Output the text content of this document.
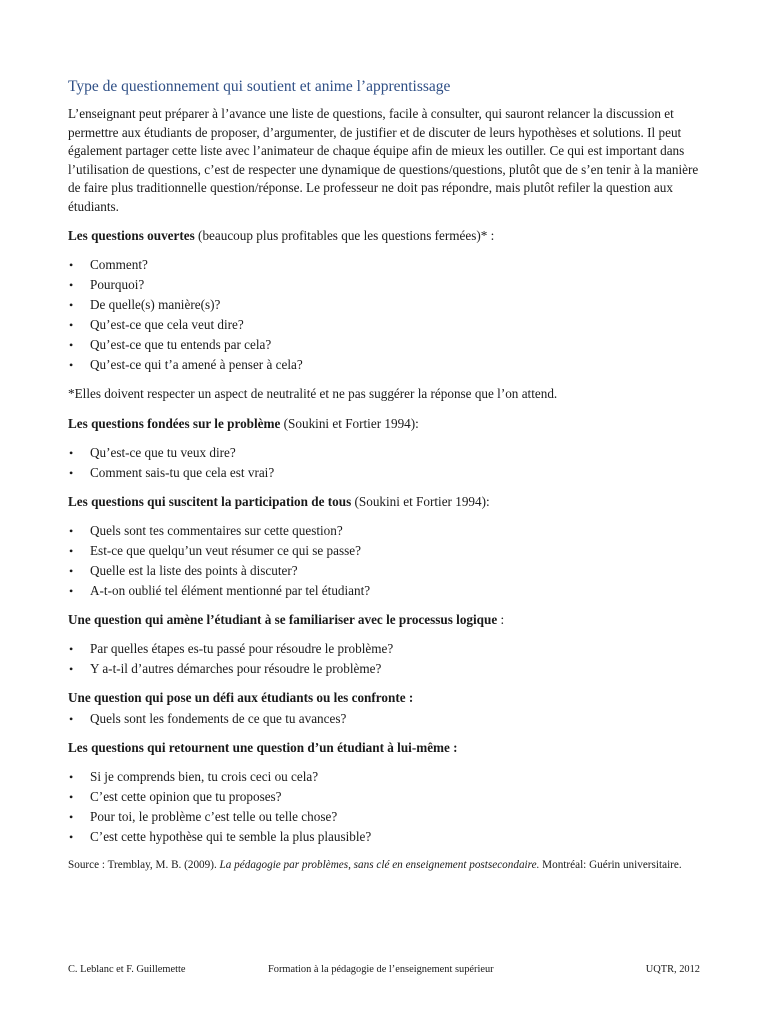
Type de questionnement qui soutient et anime l’apprentissage

L’enseignant peut préparer à l’avance une liste de questions, facile à consulter, qui sauront relancer la discussion et permettre aux étudiants de proposer, d’argumenter, de justifier et de discuter de leurs hypothèses et solutions. Il peut également partager cette liste avec l’animateur de chaque équipe afin de mieux les outiller. Ce qui est important dans l’utilisation de questions, c’est de respecter une dynamique de questions/questions, plutôt que de s’en tenir à la manière de faire plus traditionnelle question/réponse. Le professeur ne doit pas répondre, mais plutôt refiler la question aux étudiants.

Les questions ouvertes (beaucoup plus profitables que les questions fermées)* :

• Comment?
• Pourquoi?
• De quelle(s) manière(s)?
• Qu’est-ce que cela veut dire?
• Qu’est-ce que tu entends par cela?
• Qu’est-ce qui t’a amené à penser à cela?

*Elles doivent respecter un aspect de neutralité et ne pas suggérer la réponse que l’on attend.

Les questions fondées sur le problème (Soukini et Fortier 1994):

• Qu’est-ce que tu veux dire?
• Comment sais-tu que cela est vrai?

Les questions qui suscitent la participation de tous (Soukini et Fortier 1994):

• Quels sont tes commentaires sur cette question?
• Est-ce que quelqu’un veut résumer ce qui se passe?
• Quelle est la liste des points à discuter?
• A-t-on oublié tel élément mentionné par tel étudiant?

Une question qui amène l’étudiant à se familiariser avec le processus logique :

• Par quelles étapes es-tu passé pour résoudre le problème?
• Y a-t-il d’autres démarches pour résoudre le problème?

Une question qui pose un défi aux étudiants ou les confronte :

• Quels sont les fondements de ce que tu avances?

Les questions qui retournent une question d’un étudiant à lui-même :

• Si je comprends bien, tu crois ceci ou cela?
• C’est cette opinion que tu proposes?
• Pour toi, le problème c’est telle ou telle chose?
• C’est cette hypothèse qui te semble la plus plausible?

Source : Tremblay, M. B. (2009). La pédagogie par problèmes, sans clé en enseignement postsecondaire. Montréal: Guérin universitaire.

C. Leblanc et F. Guillemette	Formation à la pédagogie de l’enseignement supérieur	UQTR, 2012
